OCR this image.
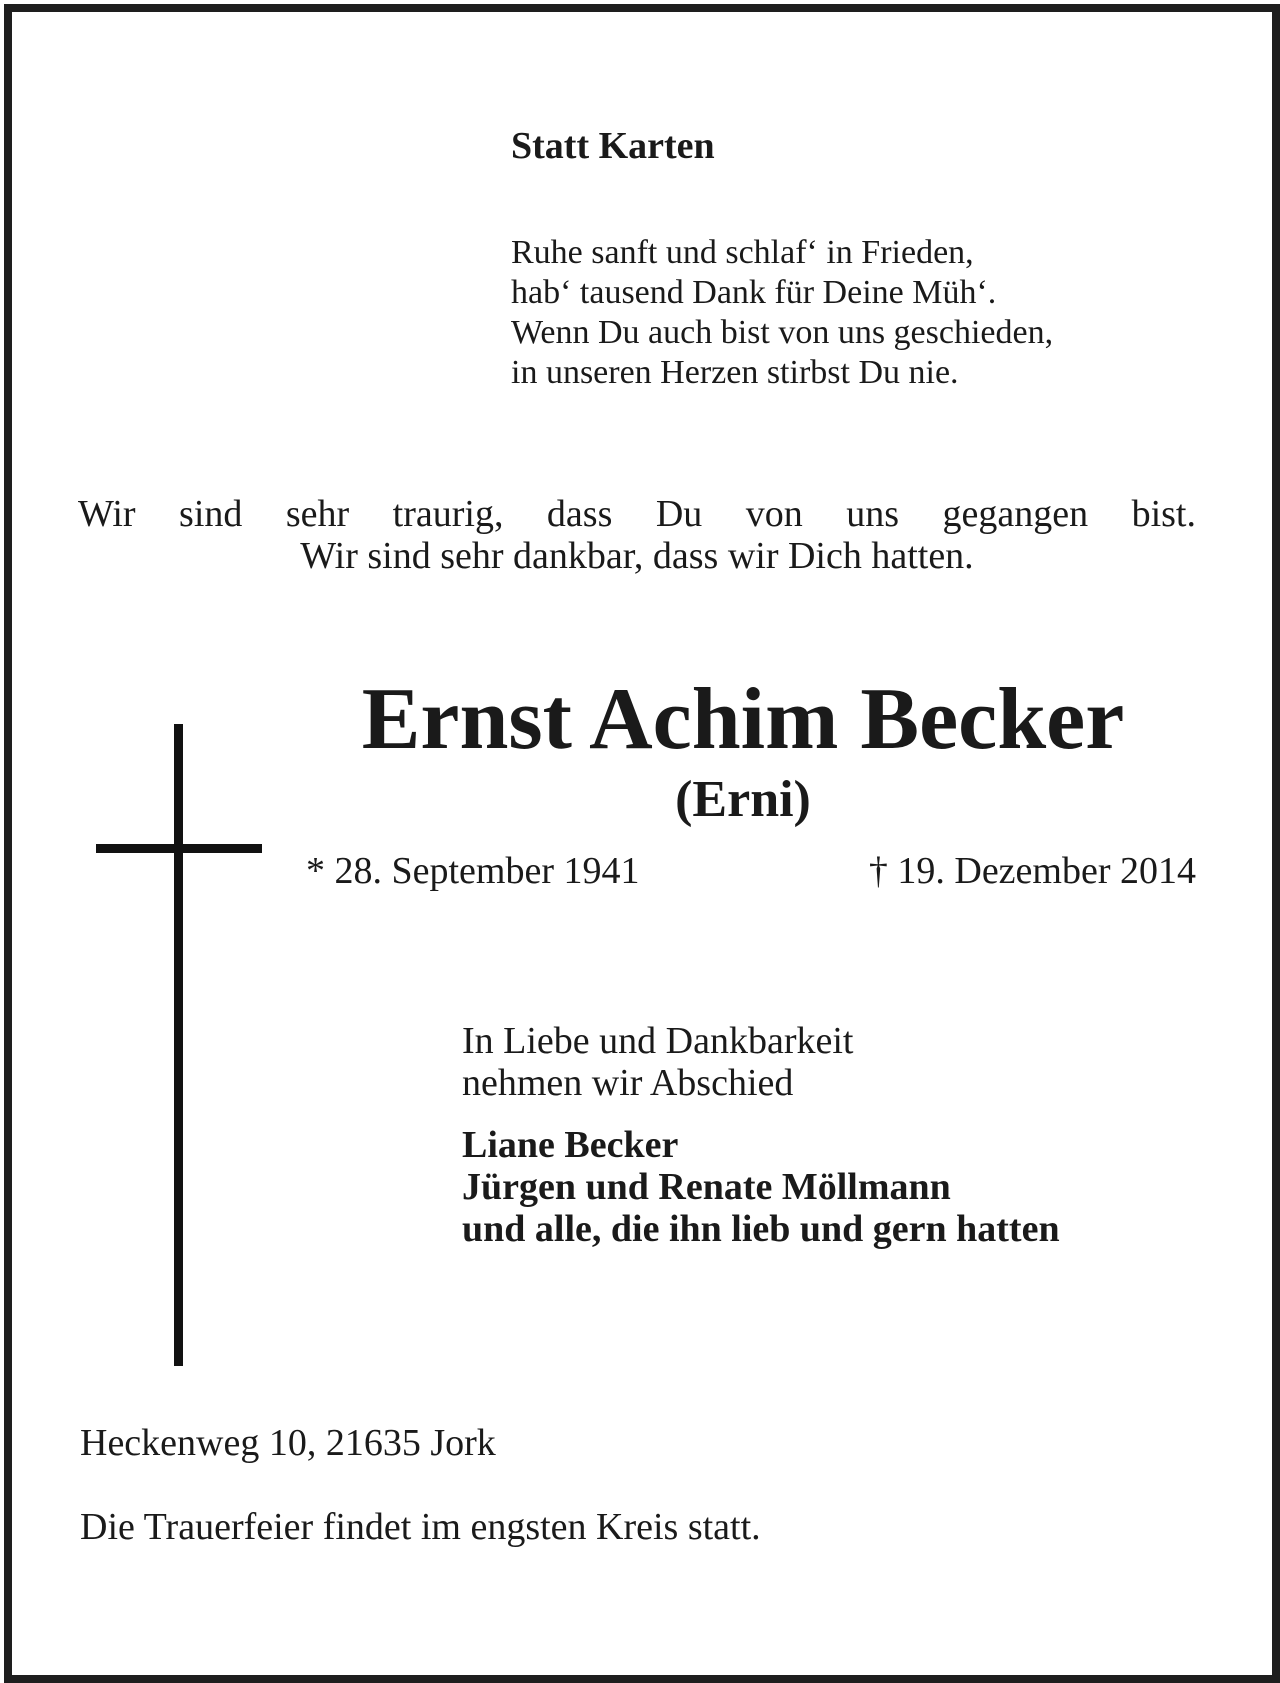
Statt Karten

Ruhe sanft und schlaf‘ in Frieden,
hab‘ tausend Dank für Deine Müh‘.
Wenn Du auch bist von uns geschieden,
in unseren Herzen stirbst Du nie.
Wir sind sehr traurig, dass Du von uns gegangen bist.
Wir sind sehr dankbar, dass wir Dich hatten.
Ernst Achim Becker
(Erni)
* 28. September 1941	† 19. Dezember 2014
In Liebe und Dankbarkeit
nehmen wir Abschied
Liane Becker
Jürgen und Renate Möllmann
und alle, die ihn lieb und gern hatten
Heckenweg 10, 21635 Jork
Die Trauerfeier findet im engsten Kreis statt.
